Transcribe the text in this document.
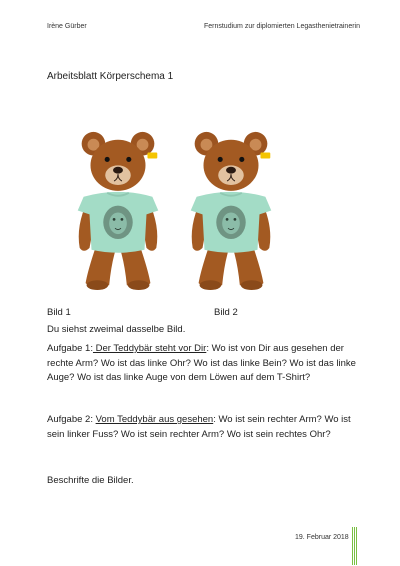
Irène Gürber	Fernstudium zur diplomierten Legasthenietrainerin
Arbeitsblatt Körperschema 1
Bild 1	Bild 2
Du siehst zweimal dasselbe Bild.
Aufgabe 1: Der Teddybär steht vor Dir: Wo ist von Dir aus gesehen der rechte Arm? Wo ist das linke Ohr? Wo ist das linke Bein? Wo ist das linke Auge? Wo ist das linke Auge von dem Löwen auf dem T-Shirt?
Aufgabe 2: Vom Teddybär aus gesehen: Wo ist sein rechter Arm? Wo ist sein linker Fuss? Wo ist sein rechter Arm? Wo ist sein rechtes Ohr?
Beschrifte die Bilder.
19. Februar 2018
